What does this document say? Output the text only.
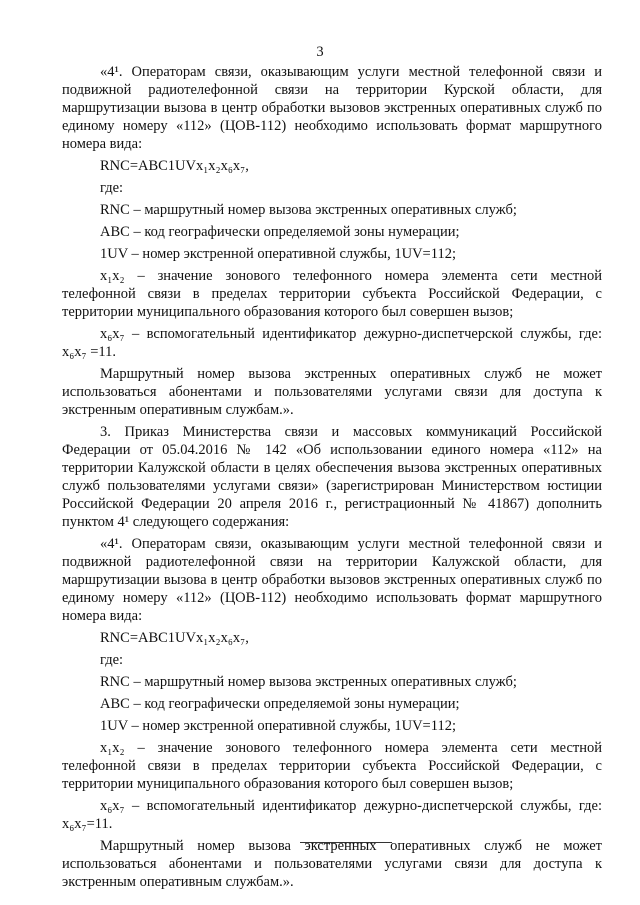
3

«4¹. Операторам связи, оказывающим услуги местной телефонной связи и подвижной радиотелефонной связи на территории Курской области, для маршрутизации вызова в центр обработки вызовов экстренных оперативных служб по единому номеру «112» (ЦОВ-112) необходимо использовать формат маршрутного номера вида:

RNC=ABC1UVx₁x₂x₆x₇,

где:

RNC – маршрутный номер вызова экстренных оперативных служб;

ABC – код географически определяемой зоны нумерации;

1UV – номер экстренной оперативной службы, 1UV=112;

x₁x₂ – значение зонового телефонного номера элемента сети местной телефонной связи в пределах территории субъекта Российской Федерации, с территории муниципального образования которого был совершен вызов;

x₆x₇ – вспомогательный идентификатор дежурно-диспетчерской службы, где: x₆x₇ =11.

Маршрутный номер вызова экстренных оперативных служб не может использоваться абонентами и пользователями услугами связи для доступа к экстренным оперативным службам.».

3. Приказ Министерства связи и массовых коммуникаций Российской Федерации от 05.04.2016 № 142 «Об использовании единого номера «112» на территории Калужской области в целях обеспечения вызова экстренных оперативных служб пользователями услугами связи» (зарегистрирован Министерством юстиции Российской Федерации 20 апреля 2016 г., регистрационный № 41867) дополнить пунктом 4¹ следующего содержания:

«4¹. Операторам связи, оказывающим услуги местной телефонной связи и подвижной радиотелефонной связи на территории Калужской области, для маршрутизации вызова в центр обработки вызовов экстренных оперативных служб по единому номеру «112» (ЦОВ-112) необходимо использовать формат маршрутного номера вида:

RNC=ABC1UVx₁x₂x₆x₇,

где:

RNC – маршрутный номер вызова экстренных оперативных служб;

ABC – код географически определяемой зоны нумерации;

1UV – номер экстренной оперативной службы, 1UV=112;

x₁x₂ – значение зонового телефонного номера элемента сети местной телефонной связи в пределах территории субъекта Российской Федерации, с территории муниципального образования которого был совершен вызов;

x₆x₇ – вспомогательный идентификатор дежурно-диспетчерской службы, где: x₆x₇=11.

Маршрутный номер вызова экстренных оперативных служб не может использоваться абонентами и пользователями услугами связи для доступа к экстренным оперативным службам.».
